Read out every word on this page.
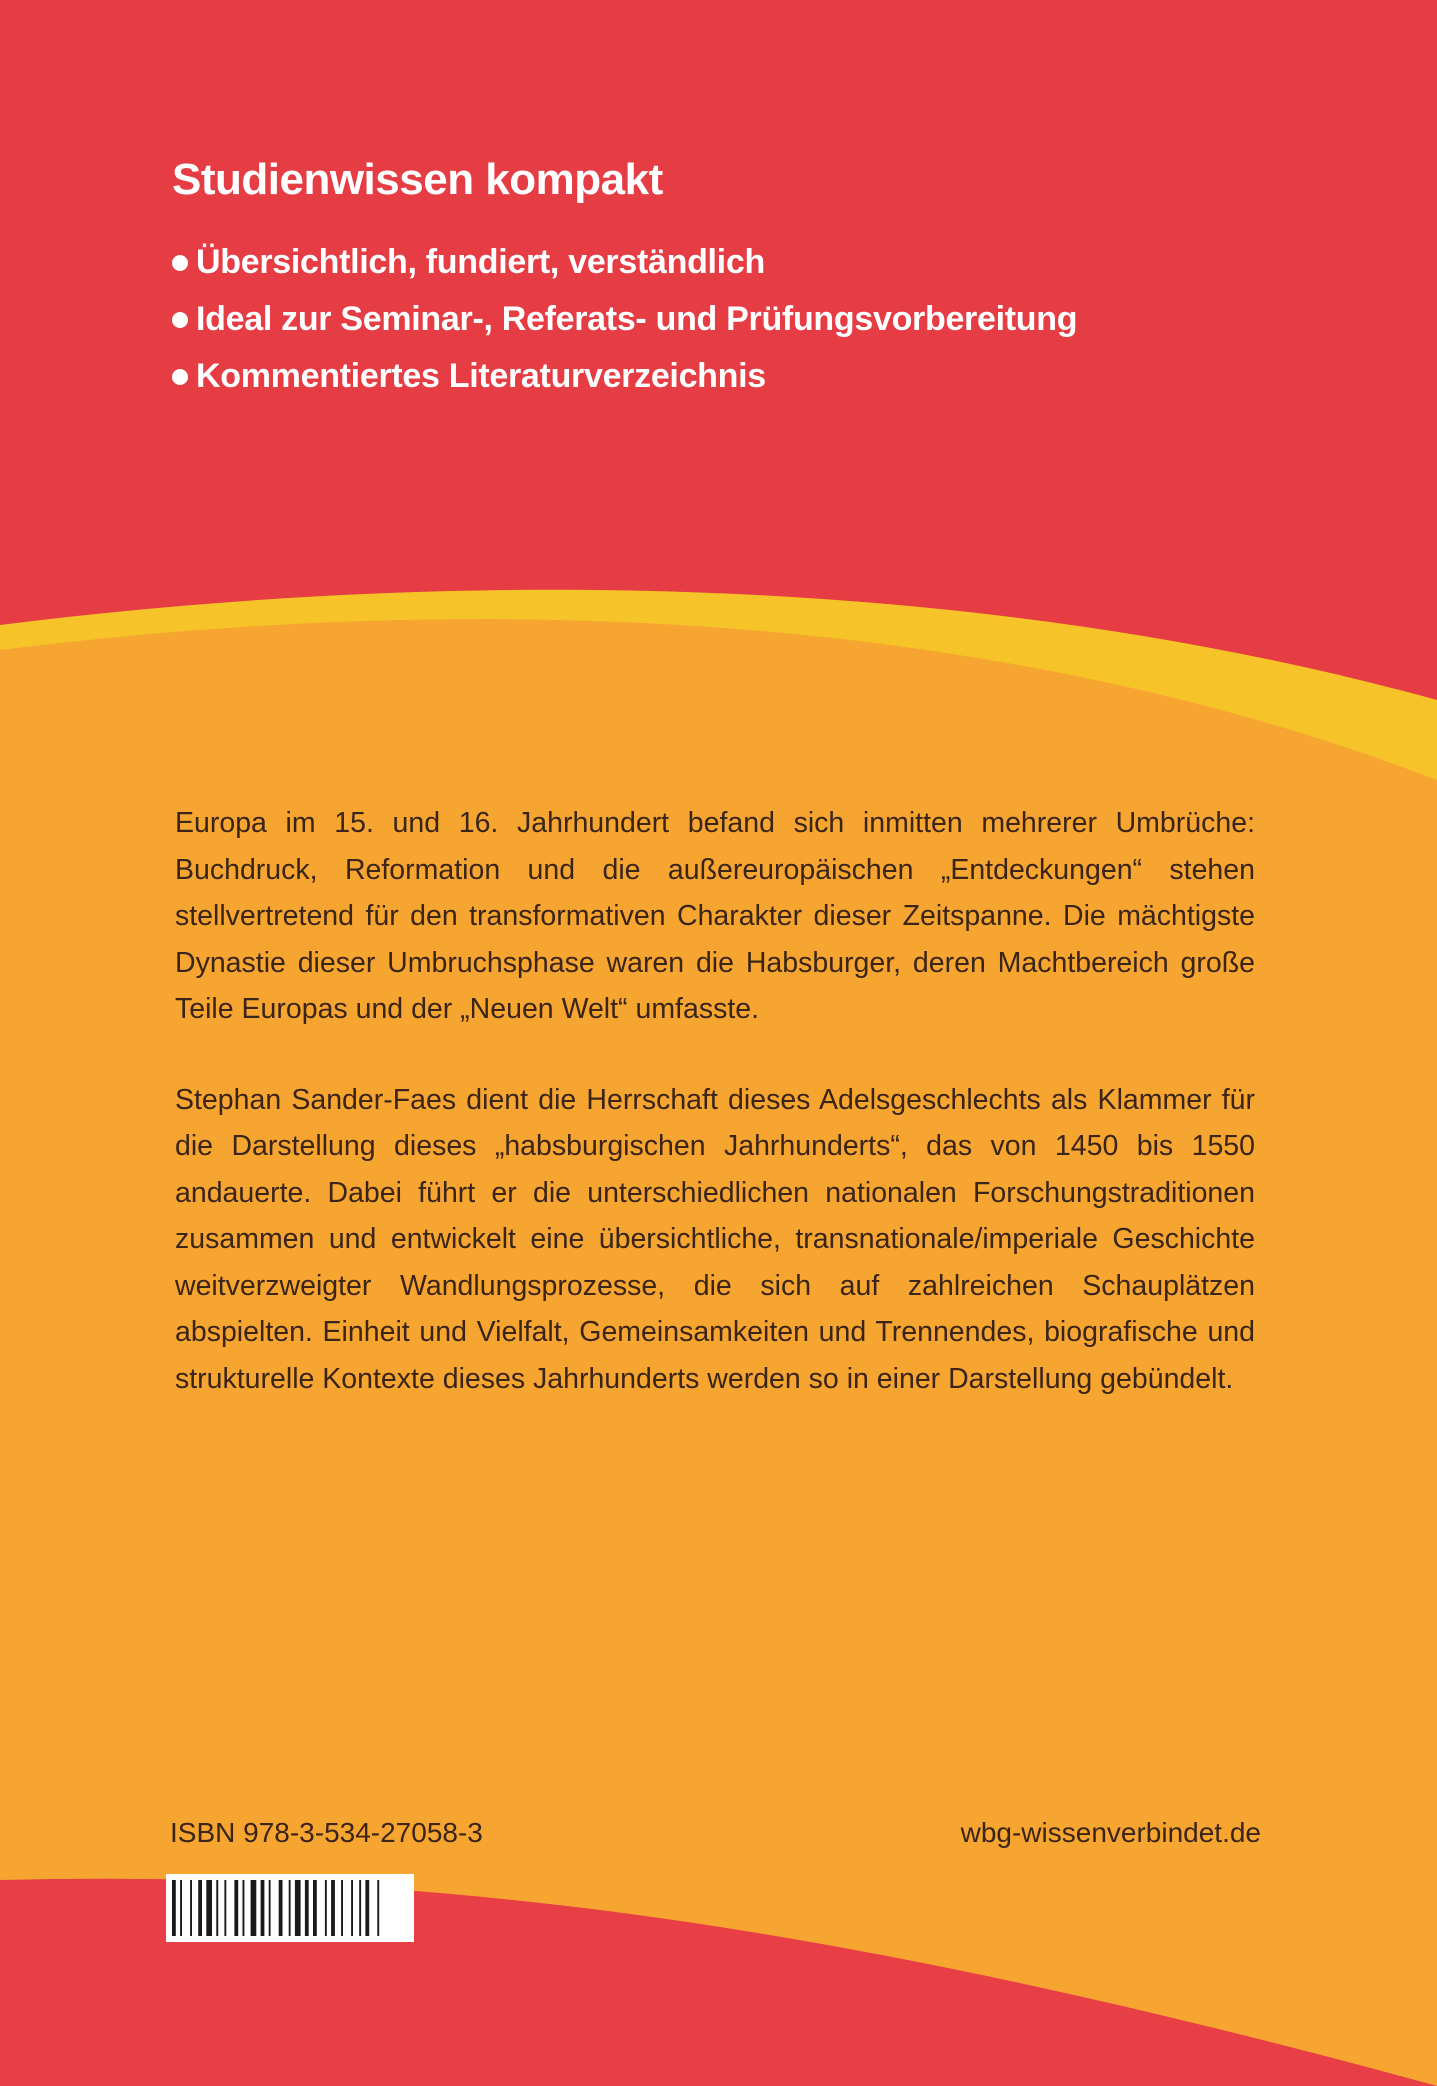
Studienwissen kompakt
Übersichtlich, fundiert, verständlich
Ideal zur Seminar-, Referats- und Prüfungsvorbereitung
Kommentiertes Literaturverzeichnis

Europa im 15. und 16. Jahrhundert befand sich inmitten mehrerer Umbrüche: Buchdruck, Reformation und die außereuropäischen „Entdeckungen“ stehen stellvertretend für den transformativen Charakter dieser Zeitspanne. Die mächtigste Dynastie dieser Umbruchsphase waren die Habsburger, deren Machtbereich große Teile Europas und der „Neuen Welt“ umfasste.

Stephan Sander-Faes dient die Herrschaft dieses Adelsgeschlechts als Klammer für die Darstellung dieses „habsburgischen Jahrhunderts“, das von 1450 bis 1550 andauerte. Dabei führt er die unterschiedlichen nationalen Forschungstraditionen zusammen und entwickelt eine übersichtliche, transnationale/imperiale Geschichte weitverzweigter Wandlungsprozesse, die sich auf zahlreichen Schauplätzen abspielten. Einheit und Vielfalt, Gemeinsamkeiten und Trennendes, biografische und strukturelle Kontexte dieses Jahrhunderts werden so in einer Darstellung gebündelt.

ISBN 978-3-534-27058-3	wbg-wissenverbindet.de
